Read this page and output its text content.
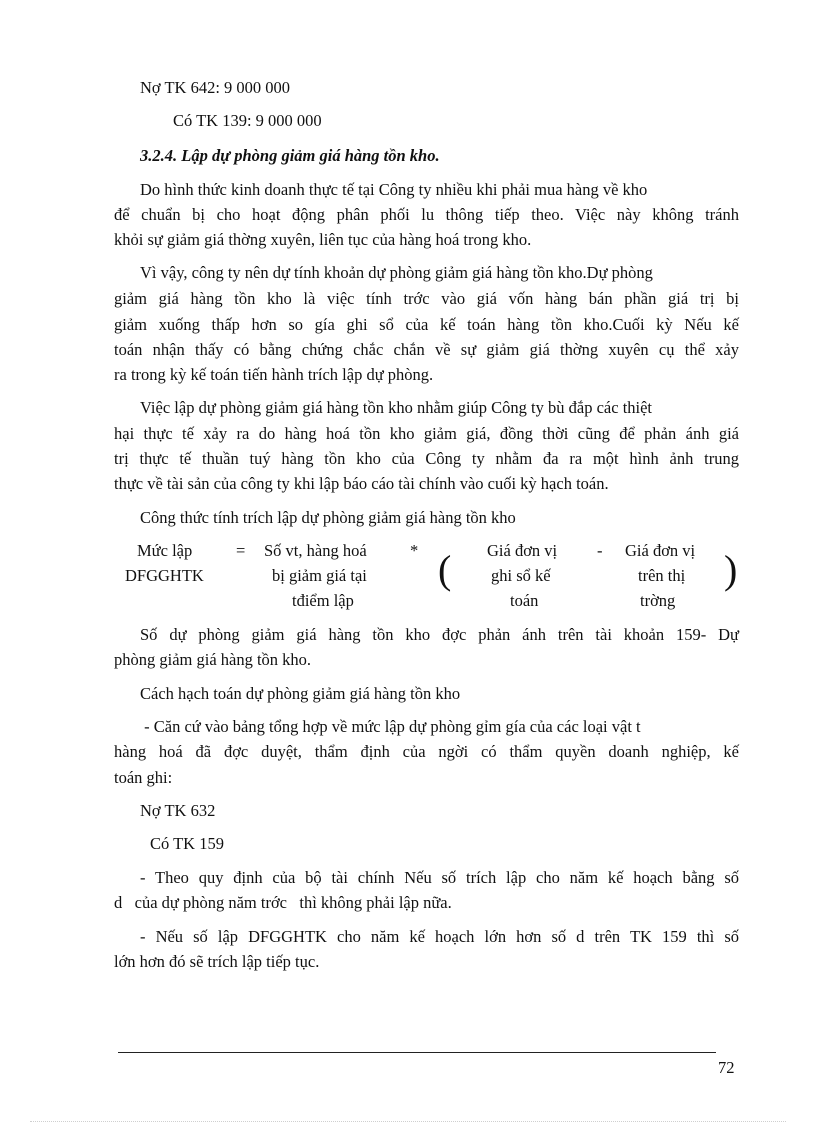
Nợ TK 642: 9 000 000
Có TK 139: 9 000 000
3.2.4. Lập dự phòng giảm giá hàng tồn kho.
Do hình thức kinh doanh thực tế tại Công ty nhiều khi phải mua hàng về kho
để chuẩn bị cho hoạt động phân phối lu thông tiếp theo. Việc này không tránh
khỏi sự giảm giá thờng xuyên, liên tục của hàng hoá trong kho.
Vì vậy, công ty nên dự tính khoản dự phòng giảm giá hàng tồn kho.Dự phòng
giảm giá hàng tồn kho là việc tính trớc vào giá vốn hàng bán phần giá trị bị
giảm xuống thấp hơn so gía ghi sổ của kế toán hàng tồn kho.Cuối kỳ Nếu kế
toán nhận thấy có bằng chứng chắc chắn về sự giảm giá thờng xuyên cụ thể xảy
ra trong kỳ kế toán tiến hành trích lập dự phòng.
Việc lập dự phòng giảm giá hàng tồn kho nhằm giúp Công ty bù đắp các thiệt
hại thực tế xảy ra do hàng hoá tồn kho giảm giá, đồng thời cũng để phản ánh giá
trị thực tế thuần tuý hàng tồn kho của Công ty nhằm đa ra một hình ảnh trung
thực về tài sản của công ty khi lập báo cáo tài chính vào cuối kỳ hạch toán.
Công thức tính trích lập dự phòng giảm giá hàng tồn kho
Mức lập
DFGGHTK
= Số vt, hàng hoá
bị giảm giá tại
tđiểm lập
* ( Giá đơn vị
ghi sổ kế
toán
- Giá đơn vị
trên thị
trờng
)
Số dự phòng giảm giá hàng tồn kho đợc phản ánh trên tài khoản 159- Dự
phòng giảm giá hàng tồn kho.
Cách hạch toán dự phòng giảm giá hàng tồn kho
- Căn cứ vào bảng tổng hợp về mức lập dự phòng gỉm gía của các loại vật t
hàng hoá đã đợc duyệt, thẩm định của ngời có thẩm quyền doanh nghiệp, kế
toán ghi:
Nợ TK 632
Có TK 159
- Theo quy định của bộ tài chính Nếu số trích lập cho năm kế hoạch bằng số
d   của dự phòng năm trớc   thì không phải lập nữa.
- Nếu số lập DFGGHTK cho năm kế hoạch lớn hơn số d trên TK 159 thì số
lớn hơn đó sẽ trích lập tiếp tục.
72
